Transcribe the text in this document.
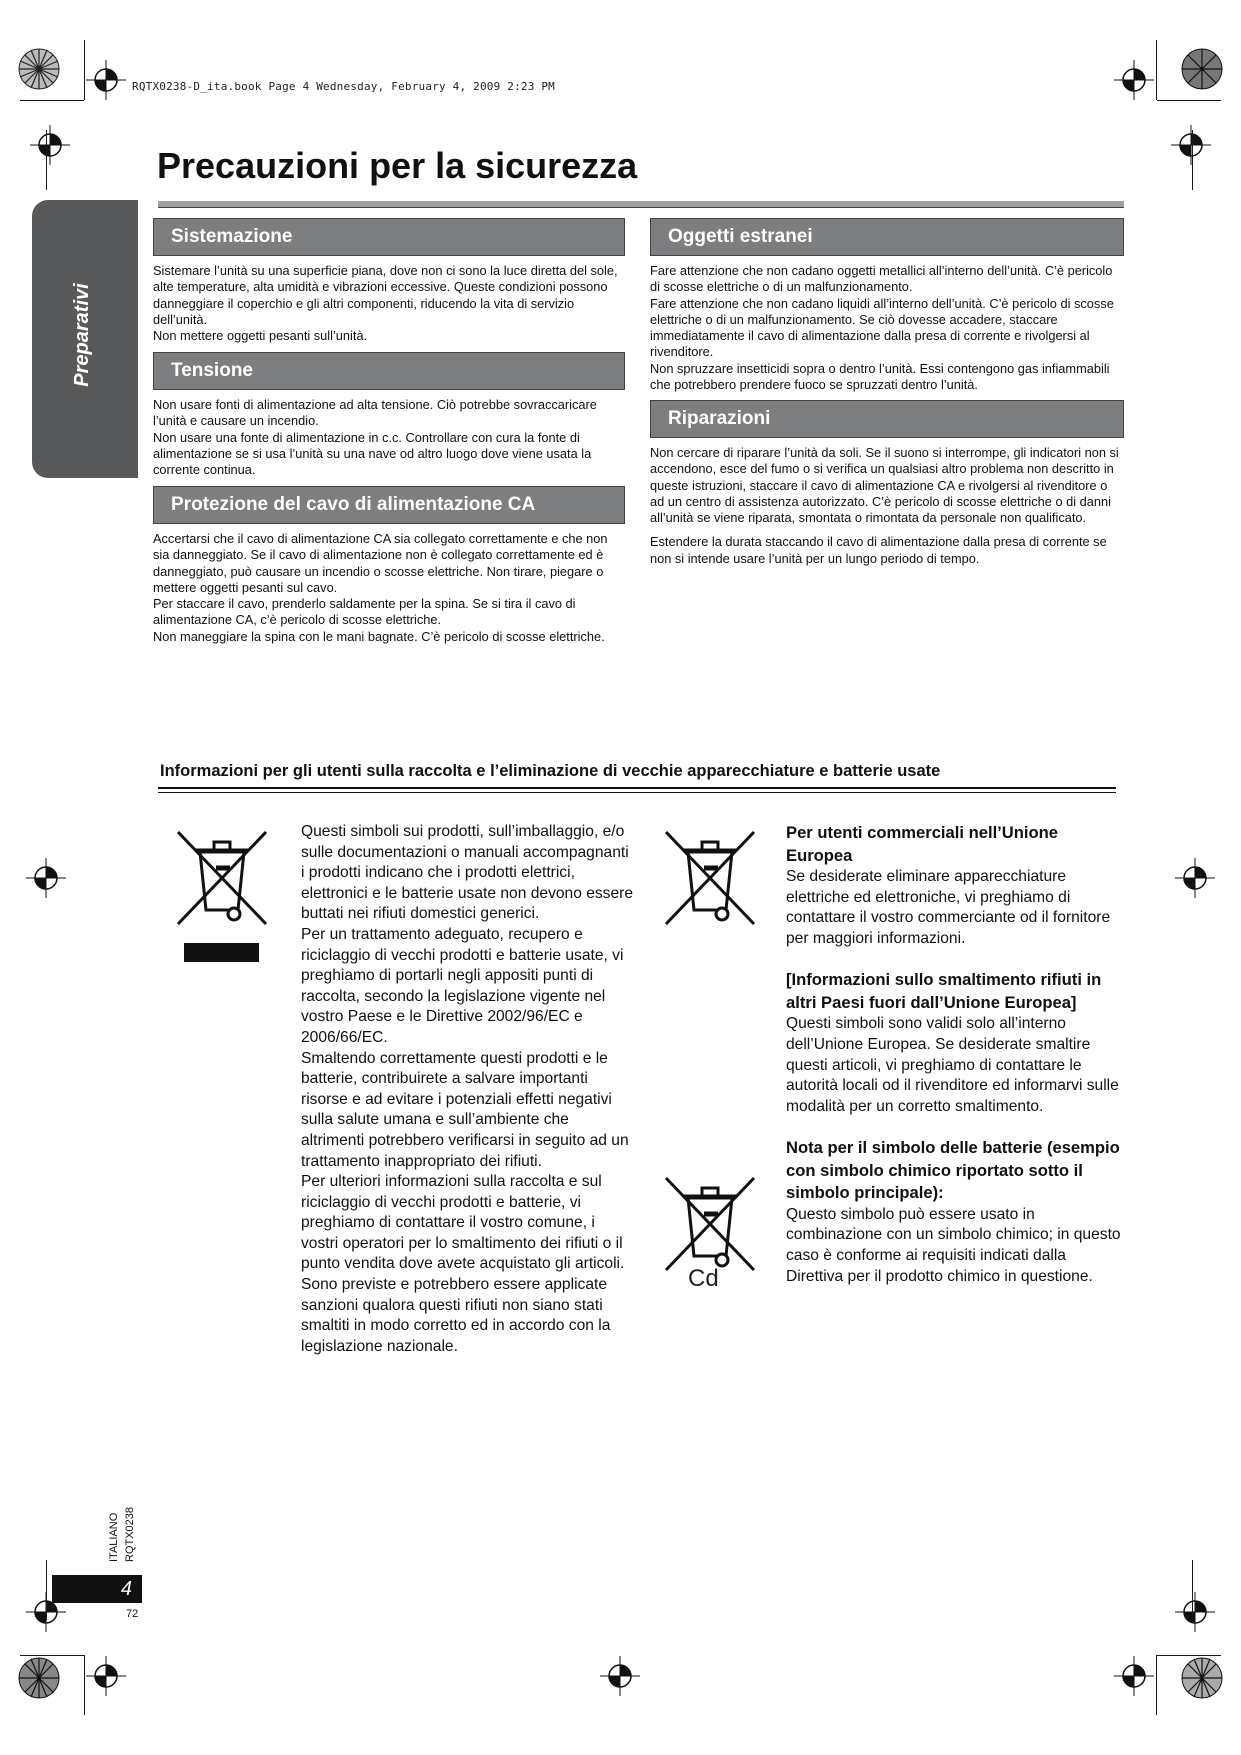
RQTX0238-D_ita.book Page 4 Wednesday, February 4, 2009 2:23 PM
Preparativi
Precauzioni per la sicurezza
Sistemazione

Sistemare l’unità su una superficie piana, dove non ci sono la luce diretta del sole, alte temperature, alta umidità e vibrazioni eccessive. Queste condizioni possono danneggiare il coperchio e gli altri componenti, riducendo la vita di servizio dell’unità.

Non mettere oggetti pesanti sull’unità.

Tensione

Non usare fonti di alimentazione ad alta tensione. Ciò potrebbe sovraccaricare l’unità e causare un incendio.

Non usare una fonte di alimentazione in c.c. Controllare con cura la fonte di alimentazione se si usa l’unità su una nave od altro luogo dove viene usata la corrente continua.

Protezione del cavo di alimentazione CA

Accertarsi che il cavo di alimentazione CA sia collegato correttamente e che non sia danneggiato. Se il cavo di alimentazione non è collegato correttamente ed è danneggiato, può causare un incendio o scosse elettriche. Non tirare, piegare o mettere oggetti pesanti sul cavo.

Per staccare il cavo, prenderlo saldamente per la spina. Se si tira il cavo di alimentazione CA, c’è pericolo di scosse elettriche.

Non maneggiare la spina con le mani bagnate. C’è pericolo di scosse elettriche.

Oggetti estranei

Fare attenzione che non cadano oggetti metallici all’interno dell’unità. C’è pericolo di scosse elettriche o di un malfunzionamento.

Fare attenzione che non cadano liquidi all’interno dell’unità. C’è pericolo di scosse elettriche o di un malfunzionamento. Se ciò dovesse accadere, staccare immediatamente il cavo di alimentazione dalla presa di corrente e rivolgersi al rivenditore.

Non spruzzare insetticidi sopra o dentro l’unità. Essi contengono gas infiammabili che potrebbero prendere fuoco se spruzzati dentro l’unità.

Riparazioni

Non cercare di riparare l’unità da soli. Se il suono si interrompe, gli indicatori non si accendono, esce del fumo o si verifica un qualsiasi altro problema non descritto in queste istruzioni, staccare il cavo di alimentazione CA e rivolgersi al rivenditore o ad un centro di assistenza autorizzato. C’è pericolo di scosse elettriche o di danni all’unità se viene riparata, smontata o rimontata da personale non qualificato.

Estendere la durata staccando il cavo di alimentazione dalla presa di corrente se non si intende usare l’unità per un lungo periodo di tempo.

Informazioni per gli utenti sulla raccolta e l’eliminazione di vecchie apparecchiature e batterie usate
Cd

Questi simboli sui prodotti, sull’imballaggio, e/o sulle documentazioni o manuali accompagnanti i prodotti indicano che i prodotti elettrici, elettronici e le batterie usate non devono essere buttati nei rifiuti domestici generici.

Per un trattamento adeguato, recupero e riciclaggio di vecchi prodotti e batterie usate, vi preghiamo di portarli negli appositi punti di raccolta, secondo la legislazione vigente nel vostro Paese e le Direttive 2002/96/EC e 2006/66/EC.

Smaltendo correttamente questi prodotti e le batterie, contribuirete a salvare importanti risorse e ad evitare i potenziali effetti negativi sulla salute umana e sull’ambiente che altrimenti potrebbero verificarsi in seguito ad un trattamento inappropriato dei rifiuti.

Per ulteriori informazioni sulla raccolta e sul riciclaggio di vecchi prodotti e batterie, vi preghiamo di contattare il vostro comune, i vostri operatori per lo smaltimento dei rifiuti o il punto vendita dove avete acquistato gli articoli.

Sono previste e potrebbero essere applicate sanzioni qualora questi rifiuti non siano stati smaltiti in modo corretto ed in accordo con la legislazione nazionale.

Per utenti commerciali nell’Unione Europea

Se desiderate eliminare apparecchiature elettriche ed elettroniche, vi preghiamo di contattare il vostro commerciante od il fornitore per maggiori informazioni.

[Informazioni sullo smaltimento rifiuti in altri Paesi fuori dall’Unione Europea]

Questi simboli sono validi solo all’interno dell’Unione Europea. Se desiderate smaltire questi articoli, vi preghiamo di contattare le autorità locali od il rivenditore ed informarvi sulle modalità per un corretto smaltimento.

Nota per il simbolo delle batterie (esempio con simbolo chimico riportato sotto il simbolo principale):

Questo simbolo può essere usato in combinazione con un simbolo chimico; in questo caso è conforme ai requisiti indicati dalla Direttiva per il prodotto chimico in questione.

ITALIANO RQTX0238
4
72
